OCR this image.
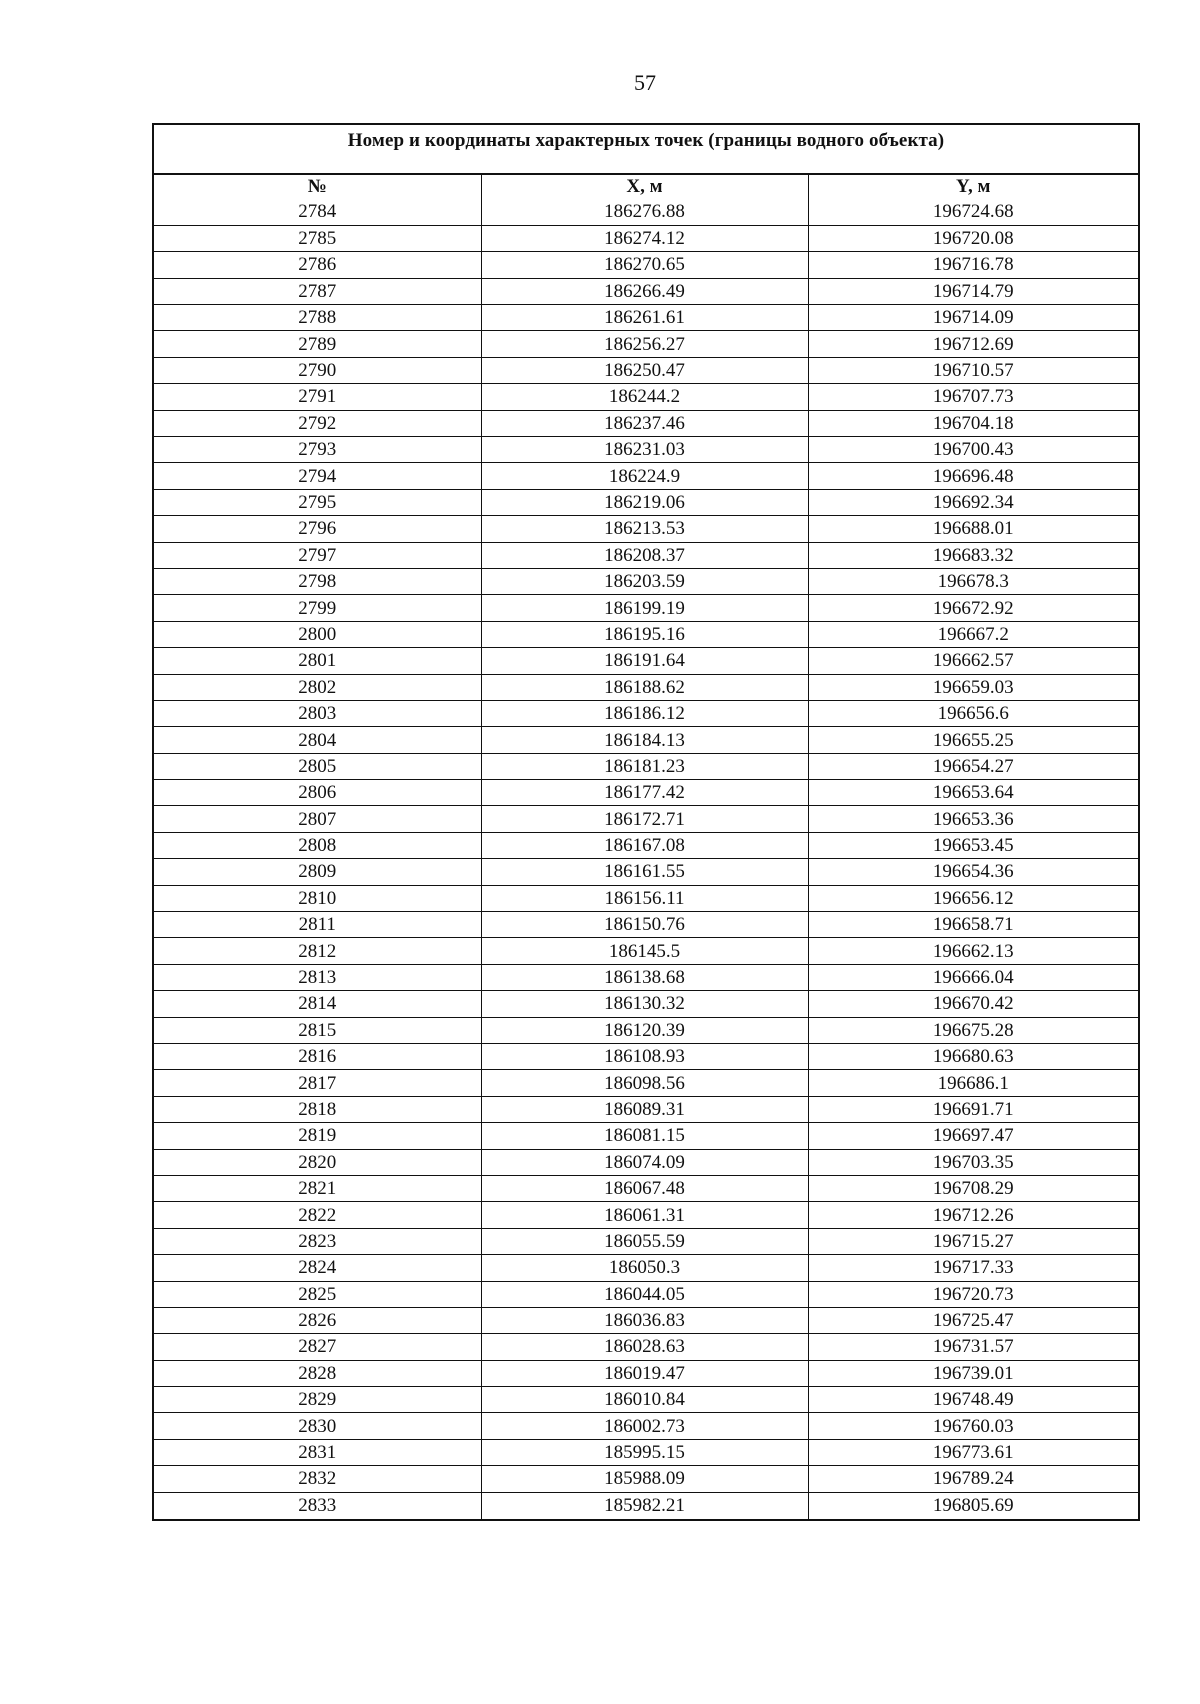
57
Номер и координаты характерных точек (границы водного объекта)
№	X, м	Y, м
2784	186276.88	196724.68
2785	186274.12	196720.08
2786	186270.65	196716.78
2787	186266.49	196714.79
2788	186261.61	196714.09
2789	186256.27	196712.69
2790	186250.47	196710.57
2791	186244.2	196707.73
2792	186237.46	196704.18
2793	186231.03	196700.43
2794	186224.9	196696.48
2795	186219.06	196692.34
2796	186213.53	196688.01
2797	186208.37	196683.32
2798	186203.59	196678.3
2799	186199.19	196672.92
2800	186195.16	196667.2
2801	186191.64	196662.57
2802	186188.62	196659.03
2803	186186.12	196656.6
2804	186184.13	196655.25
2805	186181.23	196654.27
2806	186177.42	196653.64
2807	186172.71	196653.36
2808	186167.08	196653.45
2809	186161.55	196654.36
2810	186156.11	196656.12
2811	186150.76	196658.71
2812	186145.5	196662.13
2813	186138.68	196666.04
2814	186130.32	196670.42
2815	186120.39	196675.28
2816	186108.93	196680.63
2817	186098.56	196686.1
2818	186089.31	196691.71
2819	186081.15	196697.47
2820	186074.09	196703.35
2821	186067.48	196708.29
2822	186061.31	196712.26
2823	186055.59	196715.27
2824	186050.3	196717.33
2825	186044.05	196720.73
2826	186036.83	196725.47
2827	186028.63	196731.57
2828	186019.47	196739.01
2829	186010.84	196748.49
2830	186002.73	196760.03
2831	185995.15	196773.61
2832	185988.09	196789.24
2833	185982.21	196805.69
